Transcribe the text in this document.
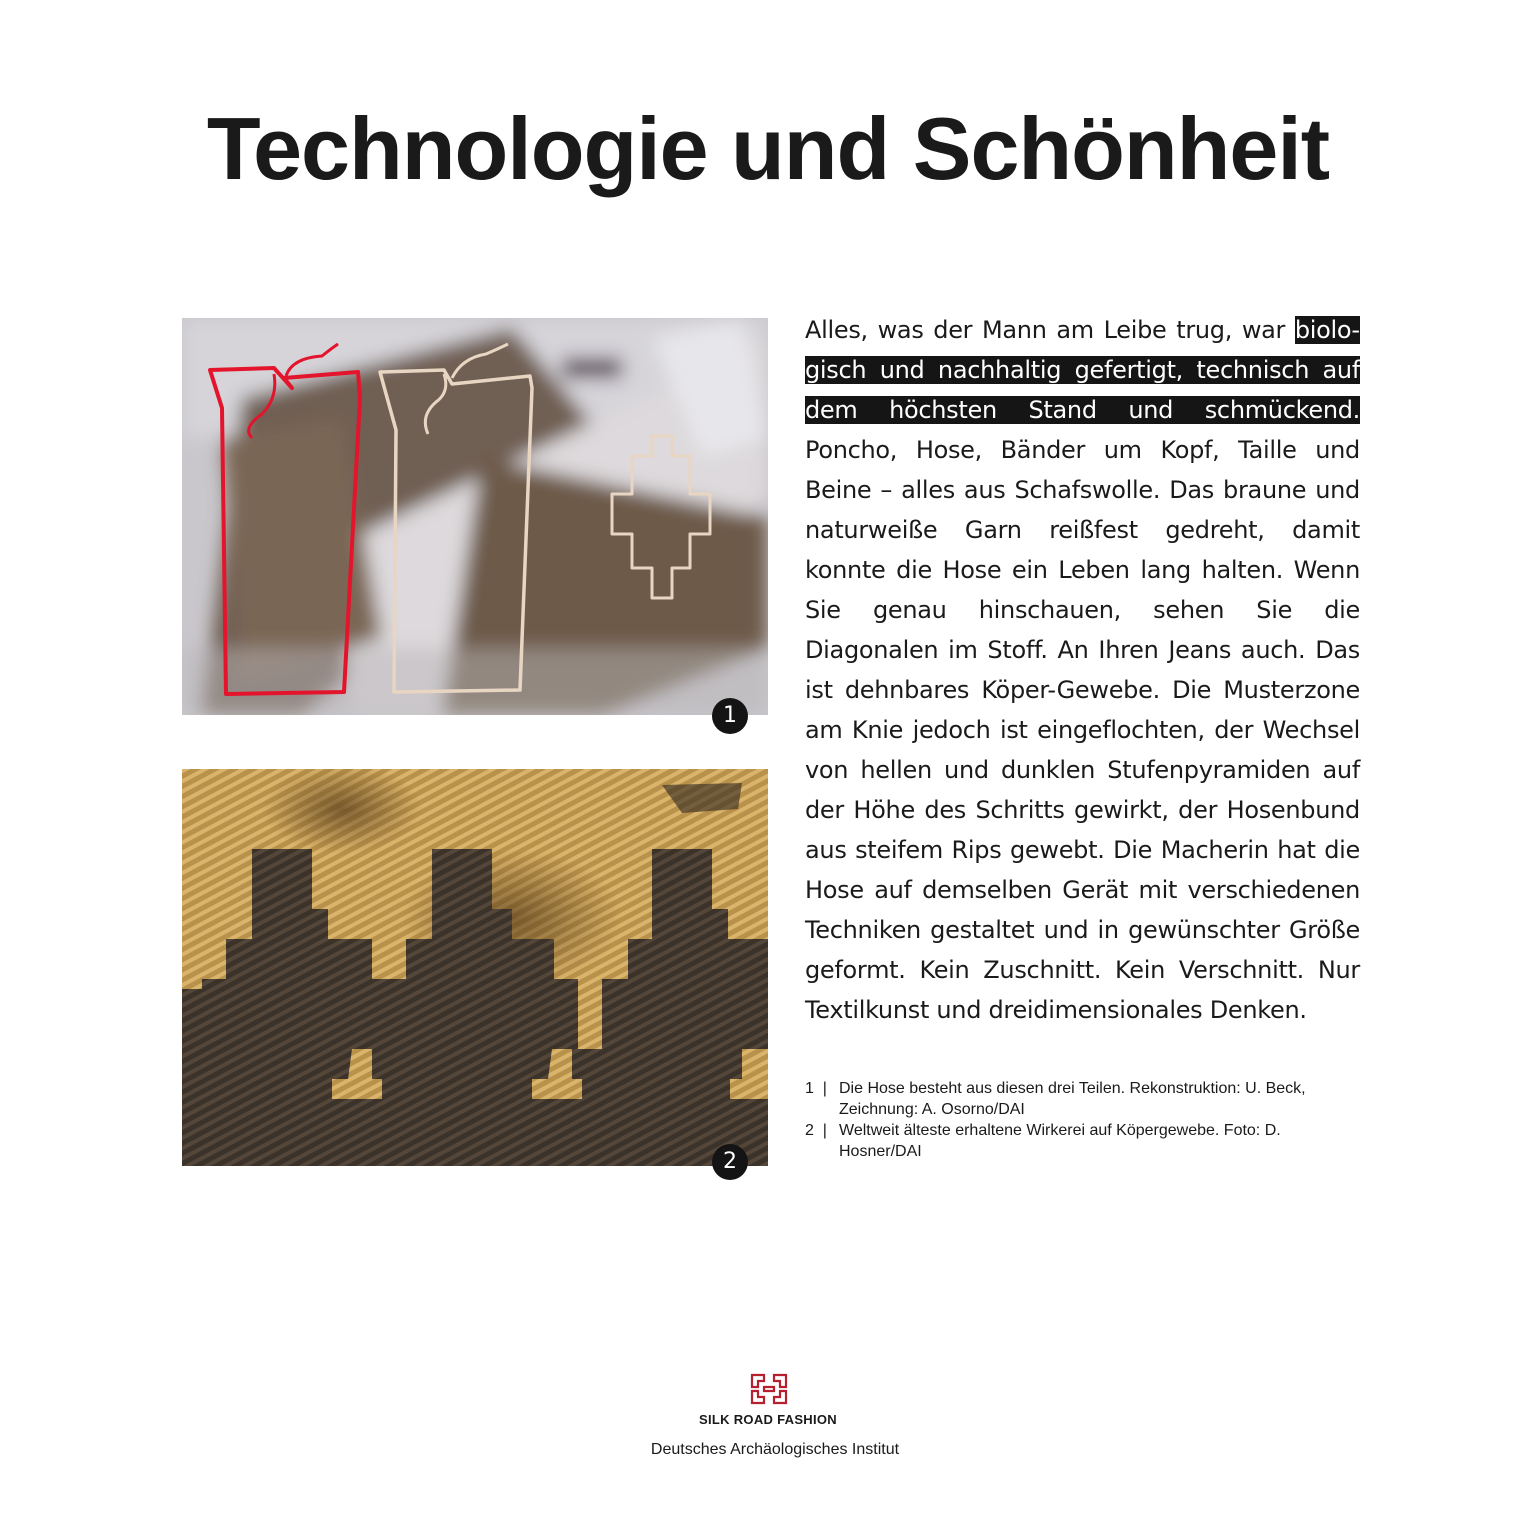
Technologie und Schönheit
1
2
Alles, was der Mann am Leibe trug, war biologisch und nachhaltig gefertigt, technisch auf dem höchsten Stand und schmückend. Poncho, Hose, Bänder um Kopf, Taille und Beine – alles aus Schafswolle. Das braune und naturweiße Garn reißfest gedreht, damit konnte die Hose ein Leben lang halten. Wenn Sie genau hinschauen, sehen Sie die Diagonalen im Stoff. An Ihren Jeans auch. Das ist dehnbares Köper-Gewebe. Die Musterzone am Knie jedoch ist eingeflochten, der Wechsel von hellen und dunklen Stufenpyramiden auf der Höhe des Schritts gewirkt, der Hosenbund aus steifem Rips gewebt. Die Macherin hat die Hose auf demselben Gerät mit verschiedenen Techniken gestaltet und in gewünschter Größe geformt. Kein Zuschnitt. Kein Verschnitt. Nur Textilkunst und dreidimensionales Denken.
1  | Die Hose besteht aus diesen drei Teilen. Rekonstruktion: U. Beck, Zeichnung: A. Osorno/DAI
2  | Weltweit älteste erhaltene Wirkerei auf Köpergewebe. Foto: D. Hosner/DAI
SILK ROAD FASHION
Deutsches Archäologisches Institut
